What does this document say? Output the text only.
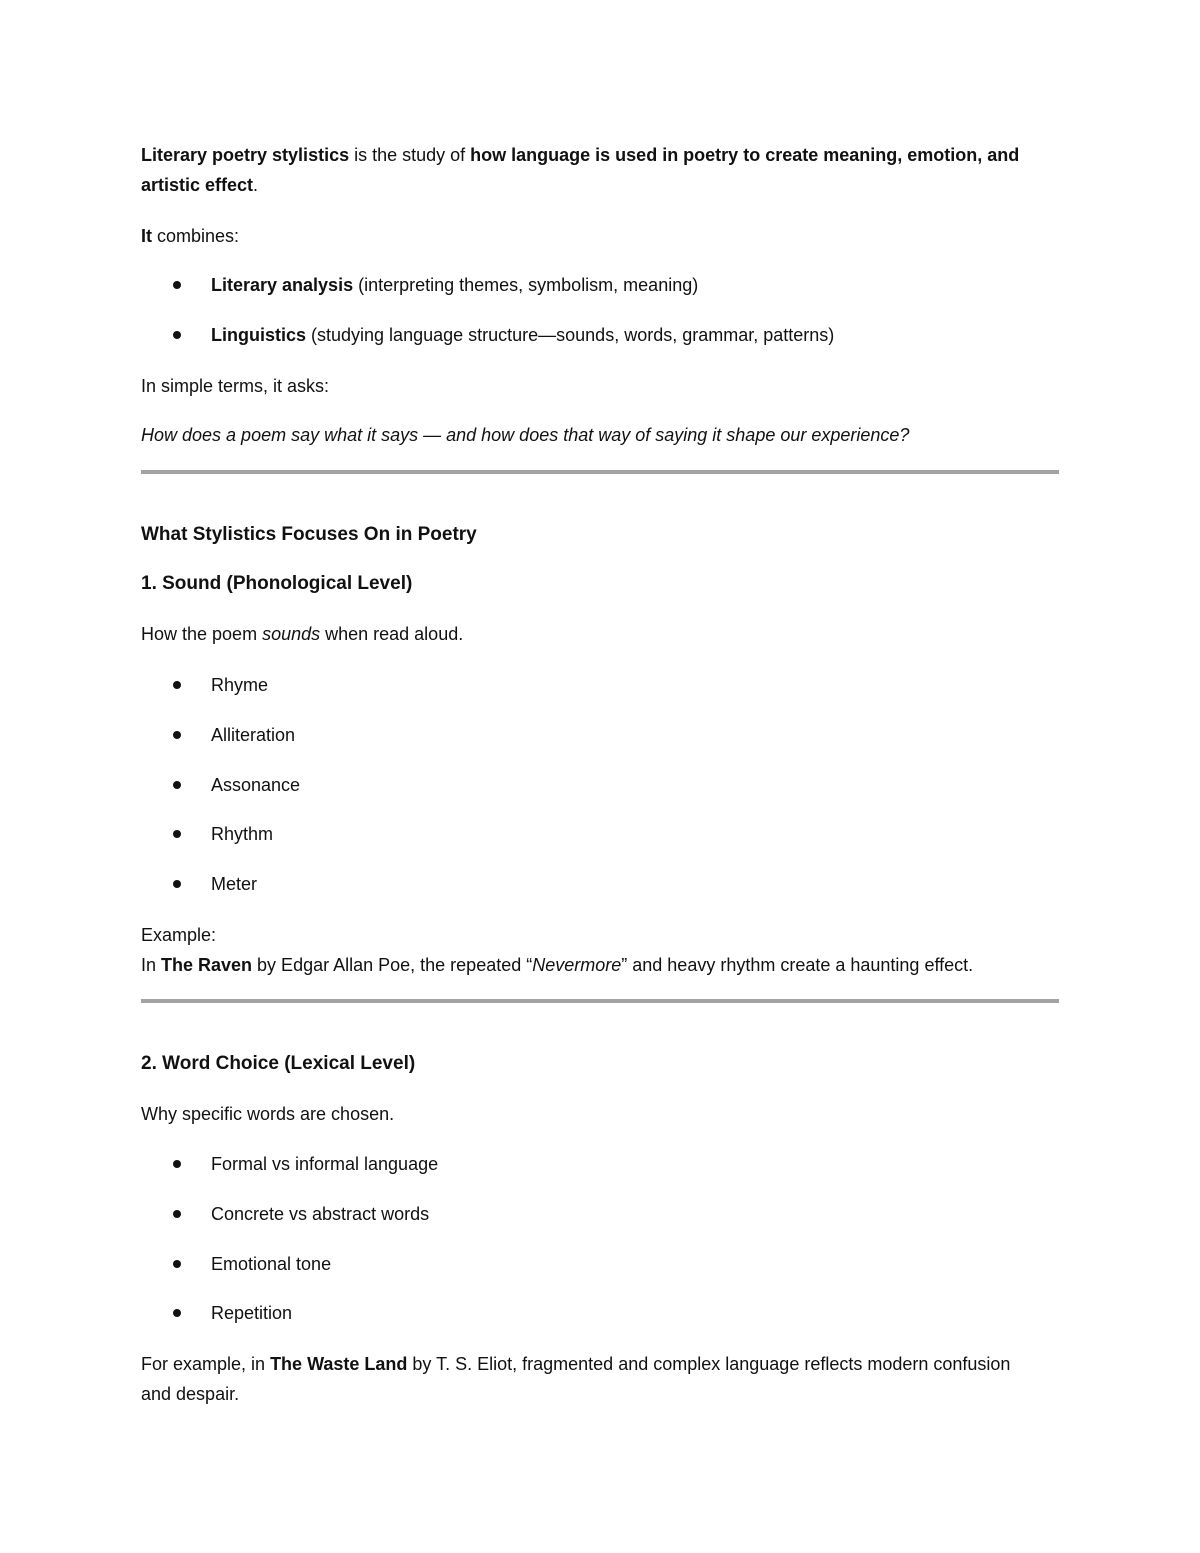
Literary poetry stylistics is the study of how language is used in poetry to create meaning, emotion, and artistic effect.

It combines:

Literary analysis (interpreting themes, symbolism, meaning)
Linguistics (studying language structure—sounds, words, grammar, patterns)

In simple terms, it asks:

How does a poem say what it says — and how does that way of saying it shape our experience?

What Stylistics Focuses On in Poetry

1. Sound (Phonological Level)

How the poem sounds when read aloud.

Rhyme
Alliteration
Assonance
Rhythm
Meter

Example:

In The Raven by Edgar Allan Poe, the repeated “Nevermore” and heavy rhythm create a haunting effect.

2. Word Choice (Lexical Level)

Why specific words are chosen.

Formal vs informal language
Concrete vs abstract words
Emotional tone
Repetition

For example, in The Waste Land by T. S. Eliot, fragmented and complex language reflects modern confusion and despair.
